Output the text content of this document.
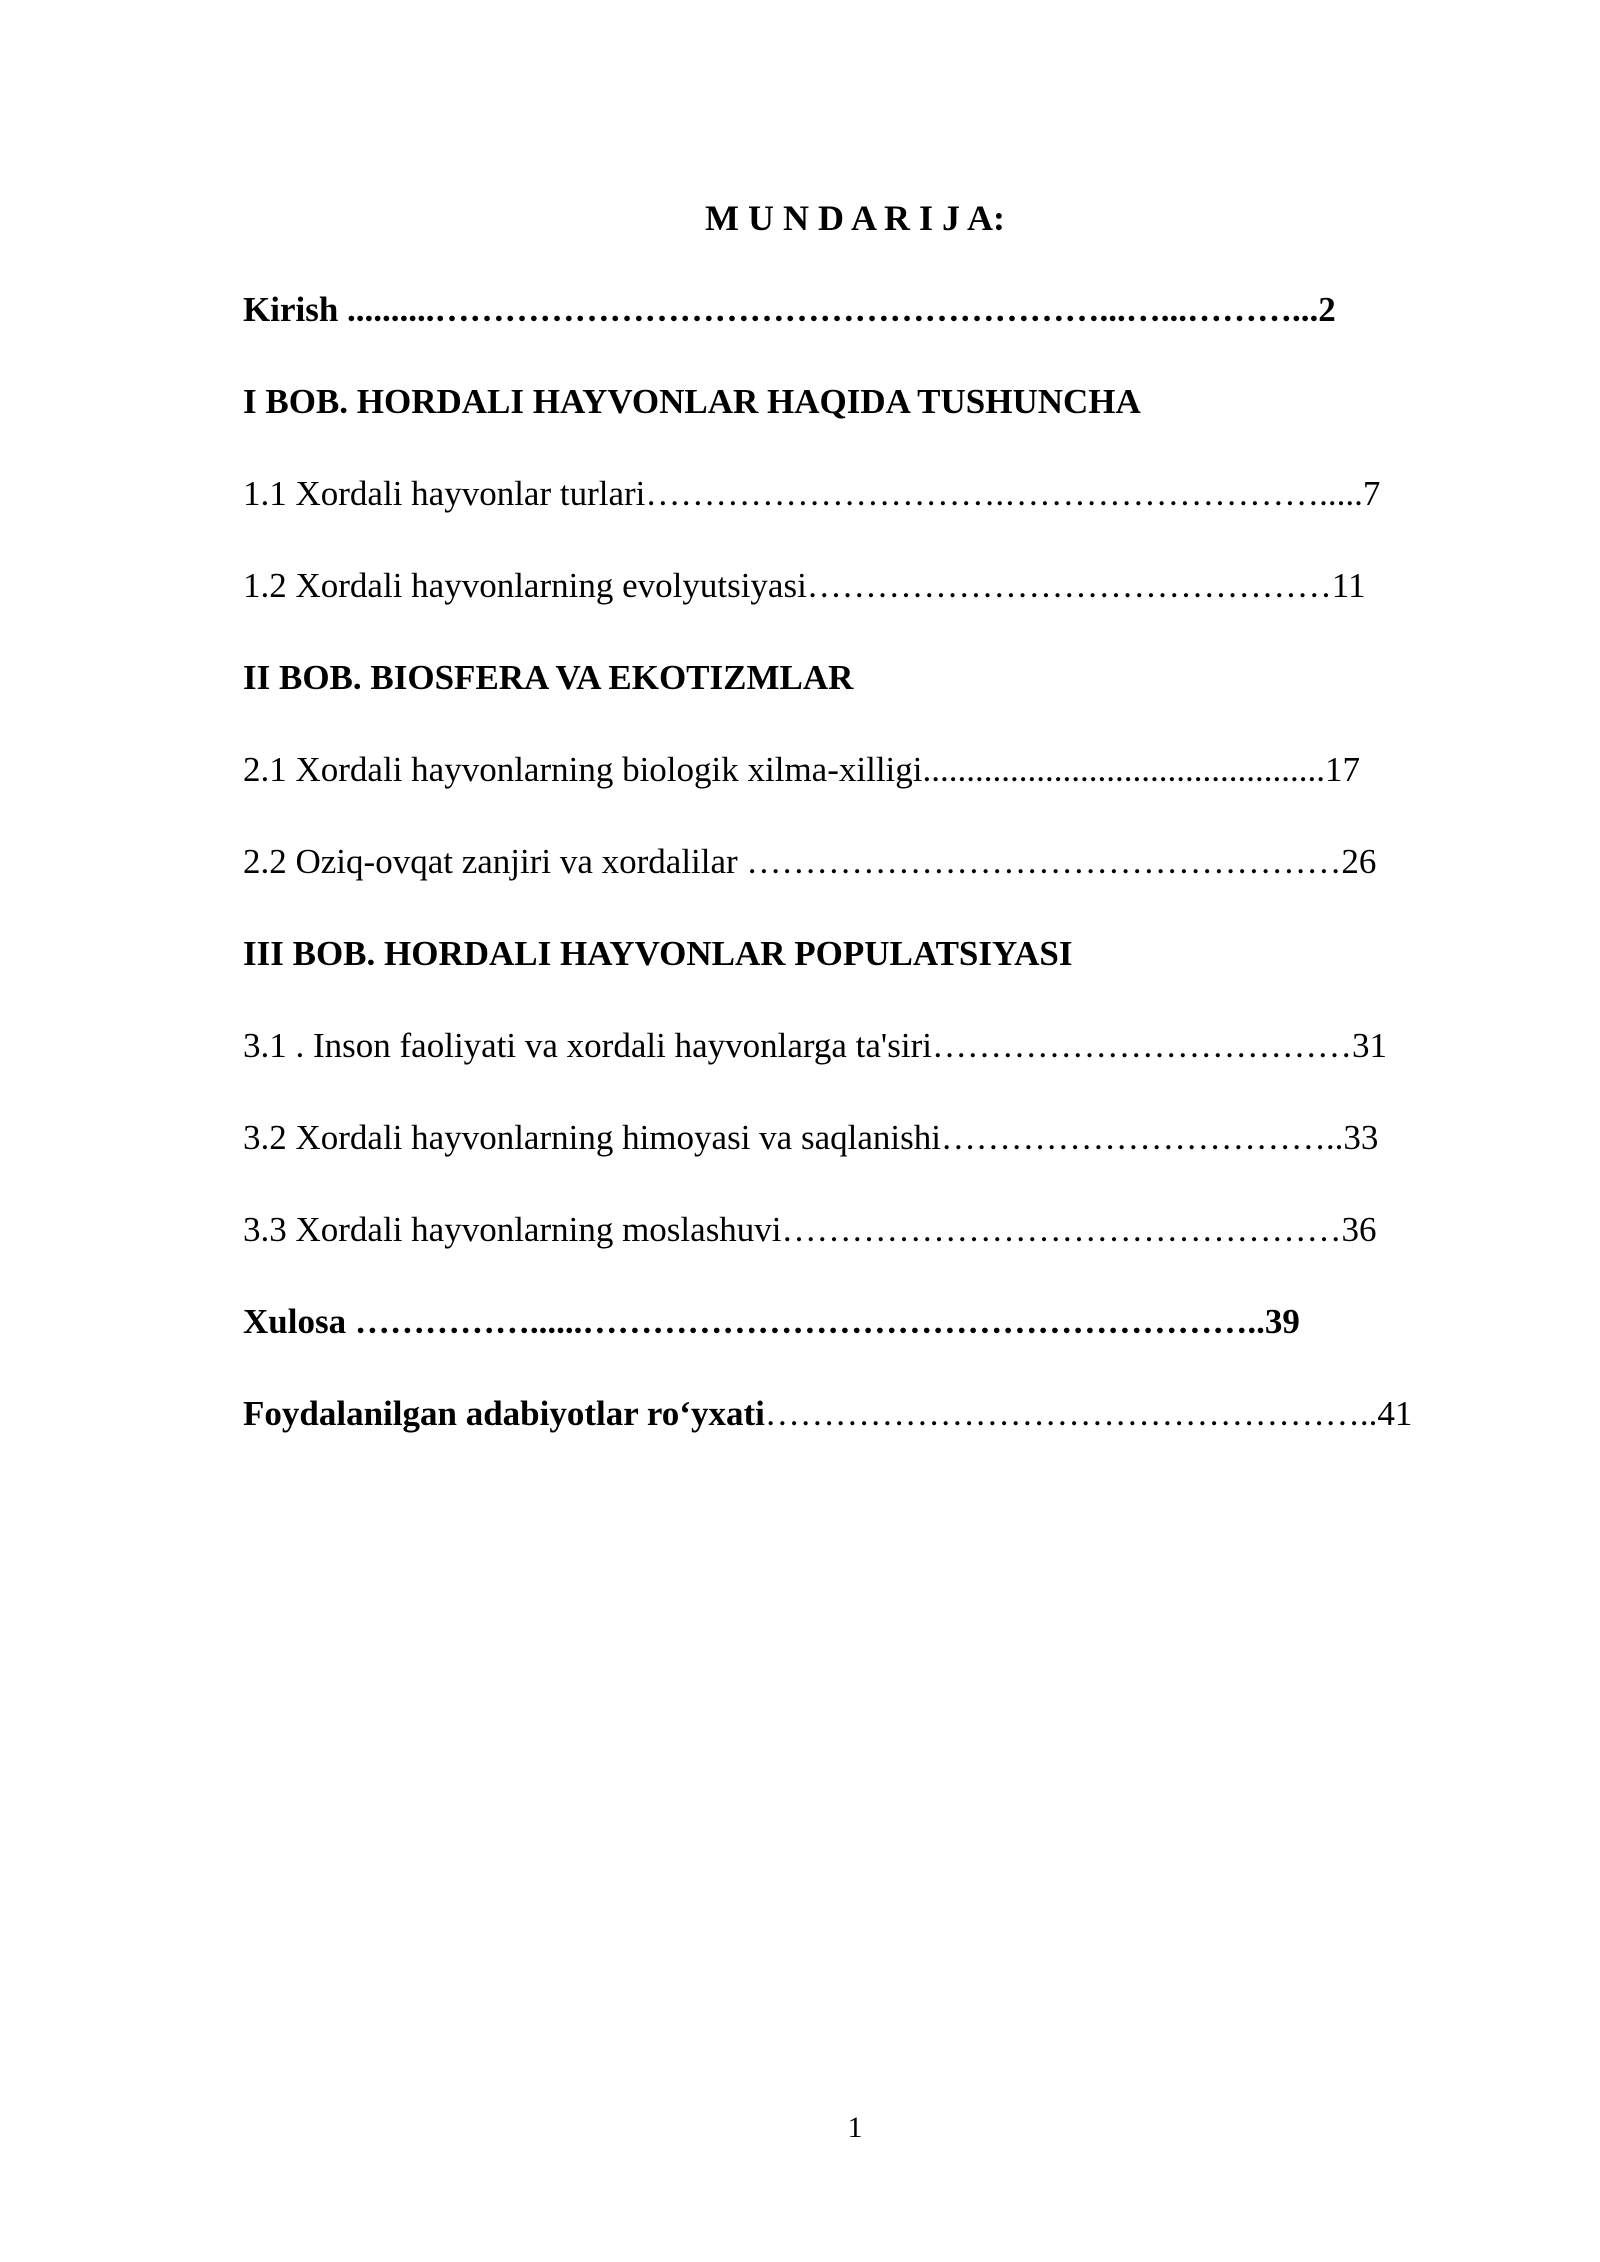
M U N D A R I J A:
Kirish ..........…………………………………………………...…...………...2
I BOB. HORDALI HAYVONLAR HAQIDA TUSHUNCHA
1.1 Xordali hayvonlar turlari………………………….……………………….....7
1.2 Xordali hayvonlarning evolyutsiyasi………………………………………11
II BOB. BIOSFERA VA EKOTIZMLAR
2.1 Xordali hayvonlarning biologik xilma-xilligi..............................................17
2.2 Oziq-ovqat zanjiri va xordalilar ……………………………………………26
III BOB. HORDALI HAYVONLAR POPULATSIYASI
3.1 . Inson faoliyati va xordali hayvonlarga ta'siri………………………………31
3.2 Xordali hayvonlarning himoyasi va saqlanishi……………………………..33
3.3 Xordali hayvonlarning moslashuvi…………………………………………36
Xulosa ……………......…………………………………………………..39
Foydalanilgan adabiyotlar ro‘yxati……………………………………………..41
1
